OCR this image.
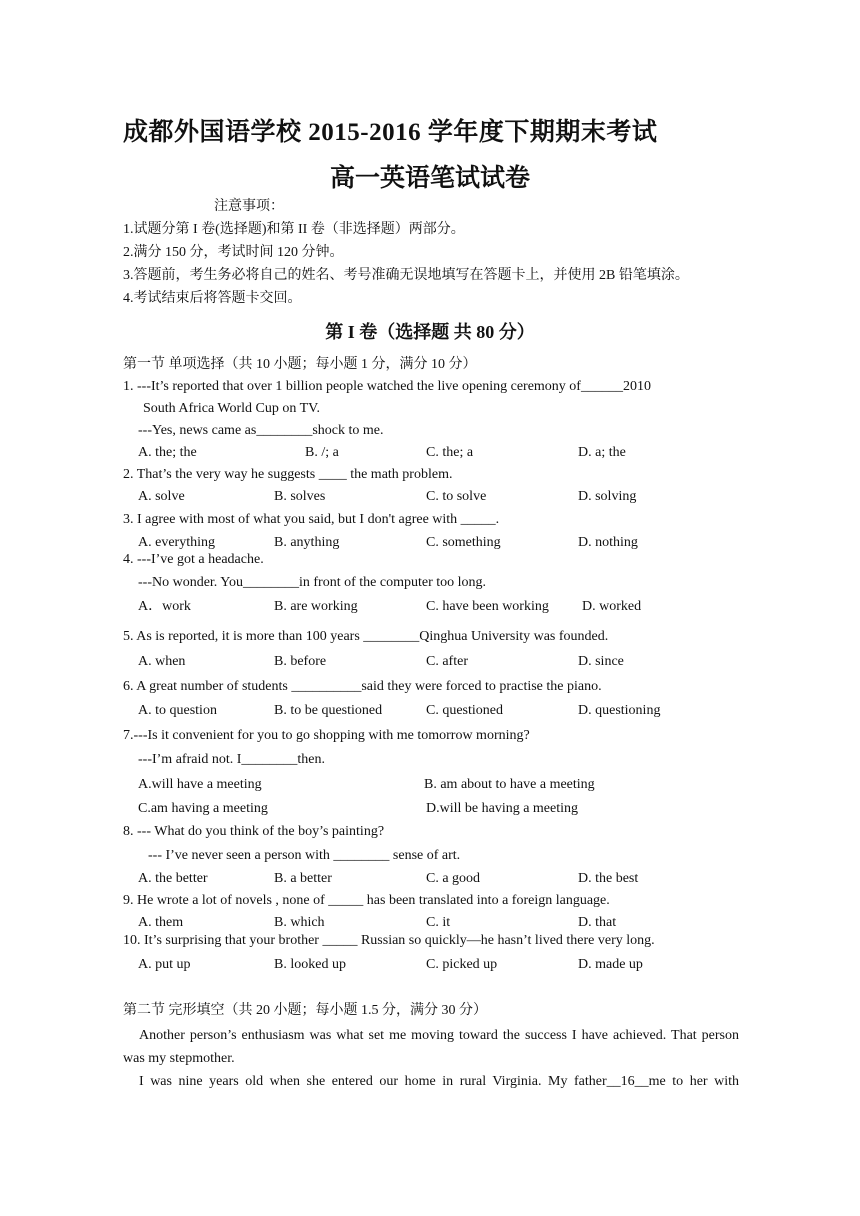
成都外国语学校 2015-2016 学年度下期期末考试
高一英语笔试试卷
注意事项：
1.试题分第 I 卷(选择题)和第 II 卷（非选择题）两部分。
2.满分 150 分，考试时间 120 分钟。
3.答题前，考生务必将自己的姓名、考号准确无误地填写在答题卡上，并使用 2B 铅笔填涂。
4.考试结束后将答题卡交回。
第 I 卷（选择题 共 80 分）
第一节 单项选择（共 10 小题；每小题 1 分，满分 10 分）
1. ---It’s reported that over 1 billion people watched the live opening ceremony of______2010
South Africa World Cup on TV.
---Yes, news came as________shock to me.
A. the; the	B. /; a	C. the; a	D. a; the
2. That’s the very way he suggests ____ the math problem.
A. solve	B. solves	C. to solve	D. solving
3. I agree with most of what you said, but I don't agree with _____.
A. everything	B. anything	C. something	D. nothing
4. ---I’ve got a headache.
---No wonder. You________in front of the computer too long.
A．work	B. are working	C. have been working D. worked
5. As is reported, it is more than 100 years ________Qinghua University was founded.
A. when	B. before	C. after	D. since
6. A great number of students __________said they were forced to practise the piano.
A. to question	B. to be questioned	C. questioned	D. questioning
7.---Is it convenient for you to go shopping with me tomorrow morning?
---I’m afraid not. I________then.
A.will have a meeting	B. am about to have a meeting
C.am having a meeting	D.will be having a meeting
8. --- What do you think of the boy’s painting?
--- I’ve never seen a person with ________ sense of art.
A. the better	B. a better	C. a good	D. the best
9. He wrote a lot of novels , none of _____ has been translated into a foreign language.
A. them	B. which	C. it	D. that
10. It’s surprising that your brother _____ Russian so quickly—he hasn’t lived there very long.
A. put up	B. looked up	C. picked up	D. made up
第二节 完形填空（共 20 小题；每小题 1.5 分，满分 30 分）
Another person’s enthusiasm was what set me moving toward the success I have achieved. That person was my stepmother.
I was nine years old when she entered our home in rural Virginia. My father__16__me to her with
